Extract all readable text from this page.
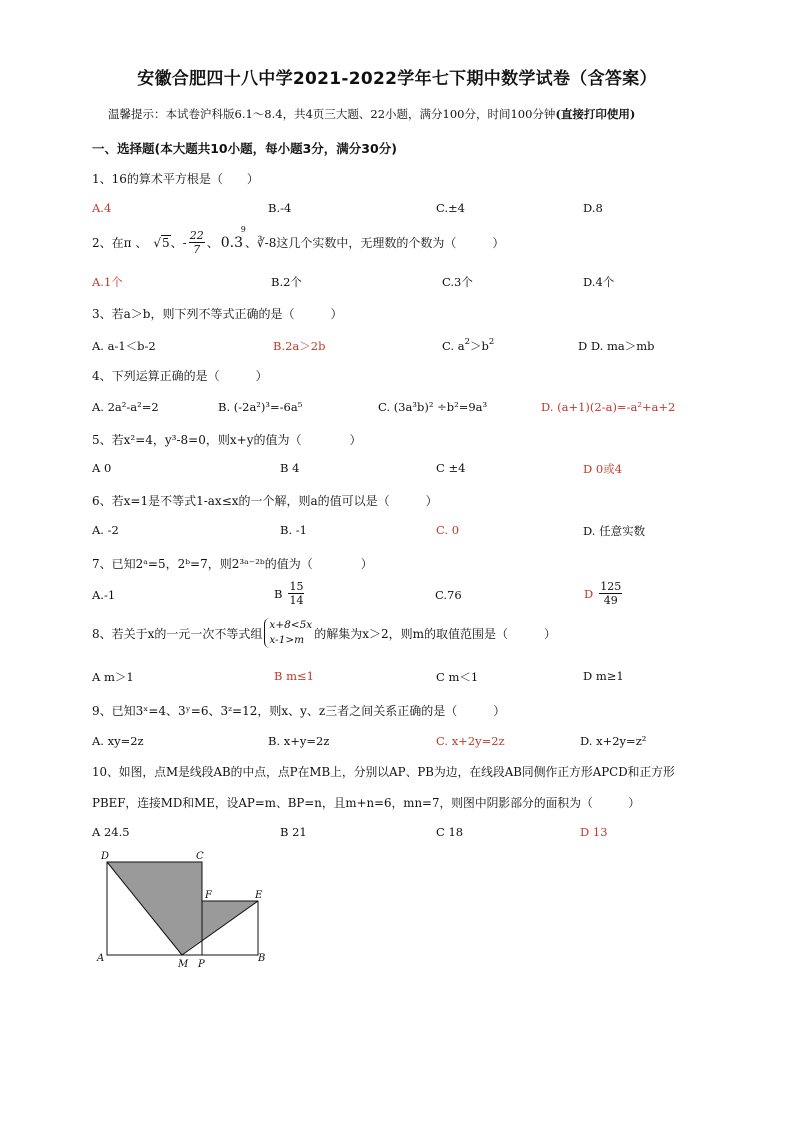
安徽合肥四十八中学2021-2022学年七下期中数学试卷（含答案）
温馨提示：本试卷沪科版6.1～8.4，共4页三大题、22小题，满分100分，时间100分钟(直接打印使用)
一、选择题(本大题共10小题，每小题3分，满分30分)
1、16的算术平方根是（　　）
A.4	B.-4	C.±4	D.8
2、在π 、 √ 5 、- $\frac{22}{7}$ 、
9
0.3 、 ∛-8 这几个实数中，无理数的个数为（　　　）
A.1个	B.2个	C.3个	D.4个
3、若a＞b，则下列不等式正确的是（　　　）
A. a-1＜b-2	B.2a＞2b	C. $a^2>b^2$	D D. ma＞mb
4、下列运算正确的是（　　　）
A. 2a²-a²=2	B. (-2a²)³=-6a⁵	C. (3a³b)² ÷b²=9a³	D. (a+1)(2-a)=-a²+a+2
5、若x²=4，y³-8=0，则x+y的值为（　　　　）
A 0	B 4	C ±4	D 0或4
6、若x=1是不等式1-ax≤x的一个解，则a的值可以是（　　　）
A. -2	B. -1	C. 0	D. 任意实数
7、已知2ᵃ=5，2ᵇ=7，则2³ᵃ⁻²ᵇ的值为（　　　　）
A.-1	B $\frac{15}{14}$	C.76	D $\frac{125}{49}$
8、若关于x的一元一次不等式组
x+8<5x
x-1>m 的解集为x＞2，则m的取值范围是（　　　）
A m＞1	B m≤1	C m＜1	D m≥1
9、已知3ˣ=4、3ʸ=6、3ᶻ=12，则x、y、z三者之间关系正确的是（　　　）
A. xy=2z	B. x+y=2z	C. x+2y=2z	D. x+2y=z²
10、如图，点M是线段AB的中点，点P在MB上，分别以AP、PB为边，在线段AB同侧作正方形APCD和正方形
PBEF，连接MD和ME，设AP=m、BP=n，且m+n=6，mn=7，则图中阴影部分的面积为（　　　）
A 24.5	B 21	C 18	D 13
D	C
F	E
A
M P
B
